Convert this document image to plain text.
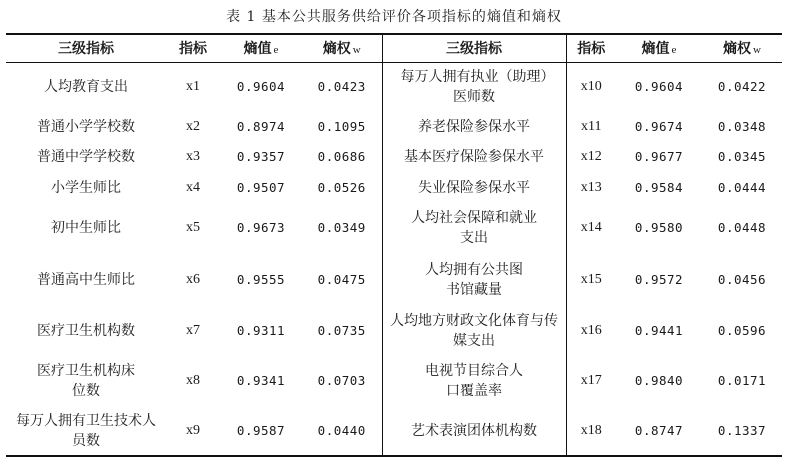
表 1 基本公共服务供给评价各项指标的熵值和熵权
三级指标	指标	熵值 e	熵权 w	三级指标	指标	熵值 e	熵权 w

人均教育支出	x1	0.9604	0.0423	每万人拥有执业（助理）医师数	x10	0.9604	0.0422

普通小学学校数	x2	0.8974	0.1095	养老保险参保水平	x11	0.9674	0.0348

普通中学学校数	x3	0.9357	0.0686	基本医疗保险参保水平	x12	0.9677	0.0345

小学生师比	x4	0.9507	0.0526	失业保险参保水平	x13	0.9584	0.0444

初中生师比	x5	0.9673	0.0349	人均社会保障和就业支出	x14	0.9580	0.0448

普通高中生师比	x6	0.9555	0.0475	人均拥有公共图书馆藏量	x15	0.9572	0.0456

医疗卫生机构数	x7	0.9311	0.0735	人均地方财政文化体育与传媒支出	x16	0.9441	0.0596

医疗卫生机构床位数	x8	0.9341	0.0703	电视节目综合人口覆盖率	x17	0.9840	0.0171

每万人拥有卫生技术人员数	x9	0.9587	0.0440	艺术表演团体机构数	x18	0.8747	0.1337
